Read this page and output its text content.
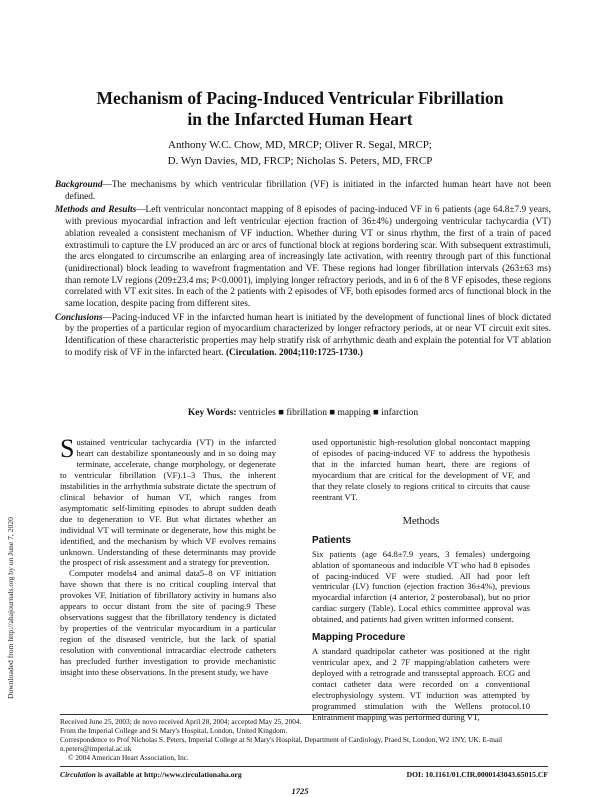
Mechanism of Pacing-Induced Ventricular Fibrillation
in the Infarcted Human Heart
Anthony W.C. Chow, MD, MRCP; Oliver R. Segal, MRCP;
D. Wyn Davies, MD, FRCP; Nicholas S. Peters, MD, FRCP

Background—The mechanisms by which ventricular fibrillation (VF) is initiated in the infarcted human heart have not been defined.

Methods and Results—Left ventricular noncontact mapping of 8 episodes of pacing-induced VF in 6 patients (age 64.8±7.9 years, with previous myocardial infraction and left ventricular ejection fraction of 36±4%) undergoing ventricular tachycardia (VT) ablation revealed a consistent mechanism of VF induction. Whether during VT or sinus rhythm, the first of a train of paced extrastimuli to capture the LV produced an arc or arcs of functional block at regions bordering scar. With subsequent extrastimuli, the arcs elongated to circumscribe an enlarging area of increasingly late activation, with reentry through part of this functional (unidirectional) block leading to wavefront fragmentation and VF. These regions had longer fibrillation intervals (263±63 ms) than remote LV regions (209±23.4 ms; P<0.0001), implying longer refractory periods, and in 6 of the 8 VF episodes, these regions correlated with VT exit sites. In each of the 2 patients with 2 episodes of VF, both episodes formed arcs of functional block in the same location, despite pacing from different sites.

Conclusions—Pacing-induced VF in the infarcted human heart is initiated by the development of functional lines of block dictated by the properties of a particular region of myocardium characterized by longer refractory periods, at or near VT circuit exit sites. Identification of these characteristic properties may help stratify risk of arrhythmic death and explain the potential for VT ablation to modify risk of VF in the infarcted heart. (Circulation. 2004;110:1725-1730.)

Key Words: ventricles ■ fibrillation ■ mapping ■ infarction
Downloaded from http://ahajournals.org by on June 7, 2020

Sustained ventricular tachycardia (VT) in the infarcted heart can destabilize spontaneously and in so doing may terminate, accelerate, change morphology, or degenerate to ventricular fibrillation (VF).1–3 Thus, the inherent instabilities in the arrhythmia substrate dictate the spectrum of clinical behavior of human VT, which ranges from asymptomatic self-limiting episodes to abrupt sudden death due to degeneration to VF. But what dictates whether an individual VT will terminate or degenerate, how this might be identified, and the mechanism by which VF evolves remains unknown. Understanding of these determinants may provide the prospect of risk assessment and a strategy for prevention.

Computer models4 and animal data5–8 on VF initiation have shown that there is no critical coupling interval that provokes VF. Initiation of fibrillatory activity in humans also appears to occur distant from the site of pacing.9 These observations suggest that the fibrillatory tendency is dictated by properties of the ventricular myocardium in a particular region of the diseased ventricle, but the lack of spatial resolution with conventional intracardiac electrode catheters has precluded further investigation to provide mechanistic insight into these observations. In the present study, we have

used opportunistic high-resolution global noncontact mapping of episodes of pacing-induced VF to address the hypothesis that in the infarcted human heart, there are regions of myocardium that are critical for the development of VF, and that they relate closely to regions critical to circuits that cause reentrant VT.

Methods
Patients

Six patients (age 64.8±7.9 years, 3 females) undergoing ablation of spontaneous and inducible VT who had 8 episodes of pacing-induced VF were studied. All had poor left ventricular (LV) function (ejection fraction 36±4%), previous myocardial infarction (4 anterior, 2 posterobasal), but no prior cardiac surgery (Table). Local ethics committee approval was obtained, and patients had given written informed consent.

Mapping Procedure

A standard quadripolar catheter was positioned at the right ventricular apex, and 2 7F mapping/ablation catheters were deployed with a retrograde and transseptal approach. ECG and contact catheter data were recorded on a conventional electrophysiology system. VT induction was attempted by programmed stimulation with the Wellens protocol.10 Entrainment mapping was performed during VT,

Received June 25, 2003; de novo received April 28, 2004; accepted May 25, 2004.
From the Imperial College and St Mary's Hospital, London, United Kingdom.
Correspondence to Prof Nicholas S. Peters, Imperial College at St Mary's Hospital, Department of Cardiology, Praed St, London, W2 1NY, UK. E-mail n.peters@imperial.ac.uk
© 2004 American Heart Association, Inc.
Circulation is available at http://www.circulationaha.org	DOI: 10.1161/01.CIR.0000143043.65015.CF
1725
